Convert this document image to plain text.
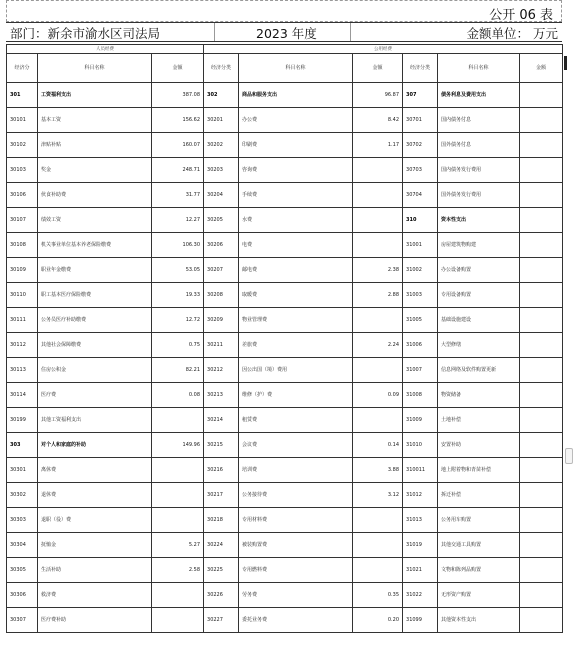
公开 06 表
部门：新余市渝水区司法局	2023 年度	金额单位： 万元
人员经费			公用经费					
经济分	科目名称	金额	经济分类	科目名称	金额	经济分类	科目名称	金额
301	工资福利支出	387.08	302	商品和服务支出	96.87	307	债务利息及费用支出	
30101	基本工资	156.62	30201	办公费	8.42	30701	国内债务付息	
30102	津贴补贴	160.07	30202	印刷费	1.17	30702	国外债务付息	
30103	奖金	248.71	30203	咨询费		30703	国内债务发行费用	
30106	伙食补助费	31.77	30204	手续费		30704	国外债务发行费用	
30107	绩效工资	12.27	30205	水费		310	资本性支出	
30108	机关事业单位基本养老保险缴费	106.30	30206	电费		31001	房屋建筑物购建	
30109	职业年金缴费	53.05	30207	邮电费	2.38	31002	办公设备购置	
30110	职工基本医疗保险缴费	19.33	30208	取暖费	2.88	31003	专用设备购置	
30111	公务员医疗补助缴费	12.72	30209	物业管理费		31005	基础设施建设	
30112	其他社会保障缴费	0.75	30211	差旅费	2.24	31006	大型修缮	
30113	住房公积金	82.21	30212	因公出国（境）费用		31007	信息网络及软件购置更新	
30114	医疗费	0.08	30213	维修（护）费	0.09	31008	物资储备	
30199	其他工资福利支出		30214	租赁费		31009	土地补偿	
303	对个人和家庭的补助	149.96	30215	会议费	0.14	31010	安置补助	
30301	离休费		30216	培训费	3.88	310011	地上附着物和青苗补偿	
30302	退休费		30217	公务接待费	3.12	31012	拆迁补偿	
30303	退职（役）费		30218	专用材料费		31013	公务用车购置	
30304	抚恤金	5.27	30224	被装购置费		31019	其他交通工具购置	
30305	生活补助	2.58	30225	专用燃料费		31021	文物和陈列品购置	
30306	救济费		30226	劳务费	0.35	31022	无形资产购置	
30307	医疗费补助		30227	委托业务费	0.20	31099	其他资本性支出	
